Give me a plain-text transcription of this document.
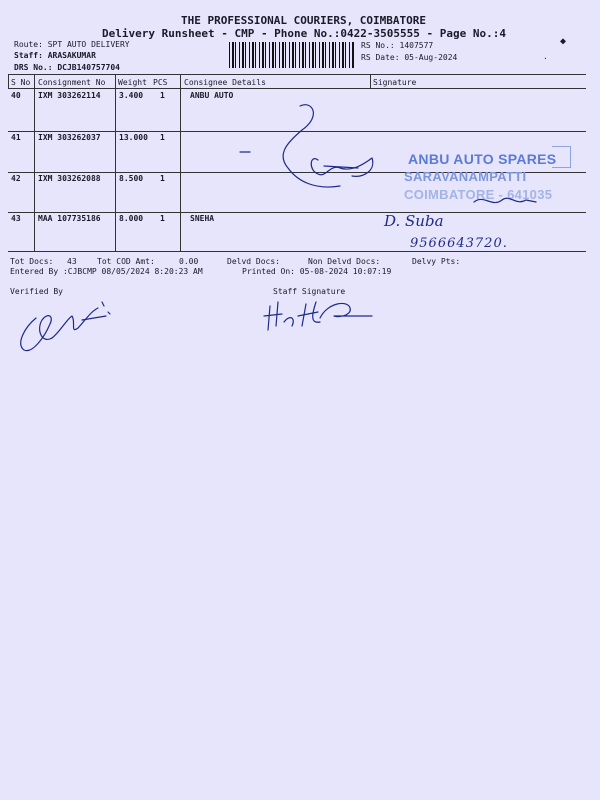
THE PROFESSIONAL COURIERS, COIMBATORE
Delivery Runsheet - CMP - Phone No.:0422-3505555 - Page No.:4
Route: SPT AUTO DELIVERY
Staff: ARASAKUMAR
DRS No.: DCJB140757704
RS No.: 1407577
RS Date: 05-Aug-2024
◆
·
S No Consignment No Weight PCS Consignee Details	Signature
40 IXM 303262114 3.400 1	ANBU AUTO
41 IXM 303262037 13.000 1
42 IXM 303262088 8.500 1
43 MAA 107735186 8.000 1	SNEHA
ANBU AUTO SPARES
SARAVANAMPATTI
COIMBATORE - 641035
D. Suba
9566643720.
Tot Docs: 43	Tot COD Amt:	0.00	Delvd Docs:	Non Delvd Docs:	Delvy Pts:
Entered By :CJBCMP 08/05/2024 8:20:23 AM	Printed On: 05-08-2024 10:07:19
Verified By	Staff Signature
